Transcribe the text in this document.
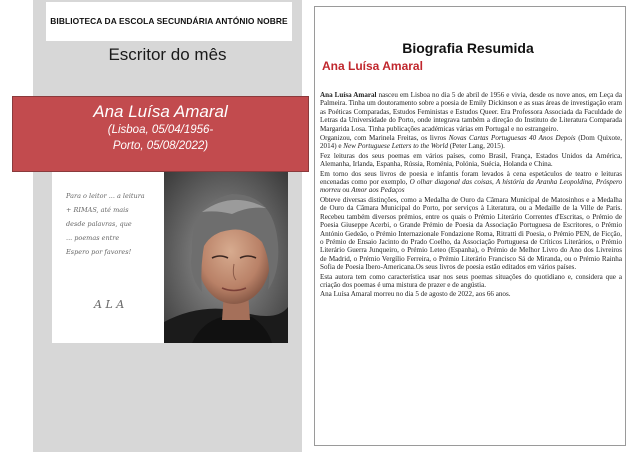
BIBLIOTECA DA ESCOLA SECUNDÁRIA ANTÓNIO NOBRE
Escritor do mês
Ana Luísa Amaral
(Lisboa, 05/04/1956-
Porto, 05/08/2022)
Para o leitor ... a leitura
+ RIMAS, até mais
desde palavras, que
... poemas entre
Espero por favores!
A L A
Biografia Resumida
Ana Luísa Amaral

Ana Luísa Amaral nasceu em Lisboa no dia 5 de abril de 1956 e vivia, desde os nove anos, em Leça da Palmeira. Tinha um doutoramento sobre a poesia de Emily Dickinson e as suas áreas de investigação eram as Poéticas Comparadas, Estudos Feministas e Estudos Queer. Era Professora Associada da Faculdade de Letras da Universidade do Porto, onde integrava também a direção do Instituto de Literatura Comparada Margarida Losa. Tinha publicações académicas várias em Portugal e no estrangeiro.

Organizou, com Marinela Freitas, os livros Novas Cartas Portuguesas 40 Anos Depois (Dom Quixote, 2014) e New Portuguese Letters to the World (Peter Lang, 2015).

Fez leituras dos seus poemas em vários países, como Brasil, França, Estados Unidos da América, Alemanha, Irlanda, Espanha, Rússia, Roménia, Polónia, Suécia, Holanda e China.

Em torno dos seus livros de poesia e infantis foram levados à cena espetáculos de teatro e leituras encenadas como por exemplo, O olhar diagonal das coisas, A história da Aranha Leopoldina, Próspero morreu ou Amor aos Pedaços

Obteve diversas distinções, como a Medalha de Ouro da Câmara Municipal de Matosinhos e a Medalha de Ouro da Câmara Municipal do Porto, por serviços à Literatura, ou a Medaille de la Ville de Paris. Recebeu também diversos prémios, entre os quais o Prémio Literário Correntes d'Escritas, o Prémio de Poesia Giuseppe Acerbi, o Grande Prémio de Poesia da Associação Portuguesa de Escritores, o Prémio António Gedeão, o Prémio Internazionale Fondazione Roma, Ritratti di Poesia, o Prémio PEN, de Ficção, o Prémio de Ensaio Jacinto do Prado Coelho, da Associação Portuguesa de Críticos Literários, o Prémio Literário Guerra Junqueiro, o Prémio Leteo (Espanha), o Prémio de Melhor Livro do Ano dos Livreiros de Madrid, o Prémio Vergílio Ferreira, o Prémio Literário Francisco Sá de Miranda, ou o Prémio Rainha Sofia de Poesia Ibero-Americana.Os seus livros de poesia estão editados em vários países.

Esta autora tem como característica usar nos seus poemas situações do quotidiano e, considera que a criação dos poemas é uma mistura de prazer e de angústia.

Ana Luísa Amaral morreu no dia 5 de agosto de 2022, aos 66 anos.
